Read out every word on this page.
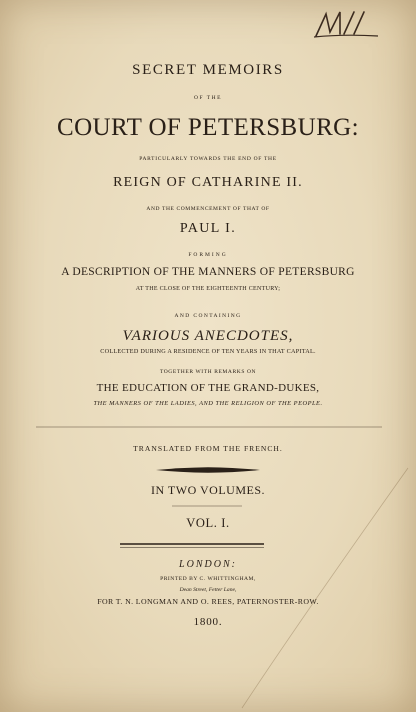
SECRET MEMOIRS
OF THE
COURT OF PETERSBURG:
PARTICULARLY TOWARDS THE END OF THE
REIGN OF CATHARINE II.
AND THE COMMENCEMENT OF THAT OF
PAUL I.
FORMING
A DESCRIPTION OF THE MANNERS OF PETERSBURG
AT THE CLOSE OF THE EIGHTEENTH CENTURY;
AND CONTAINING
VARIOUS ANECDOTES,
COLLECTED DURING A RESIDENCE OF TEN YEARS IN THAT CAPITAL.
TOGETHER WITH REMARKS ON
THE EDUCATION OF THE GRAND-DUKES,
THE MANNERS OF THE LADIES, AND THE RELIGION OF THE PEOPLE.
TRANSLATED FROM THE FRENCH.
IN TWO VOLUMES.
VOL. I.
LONDON:
PRINTED BY C. WHITTINGHAM,
Dean Street, Fetter Lane,
FOR T. N. LONGMAN AND O. REES, PATERNOSTER-ROW.
1800.
